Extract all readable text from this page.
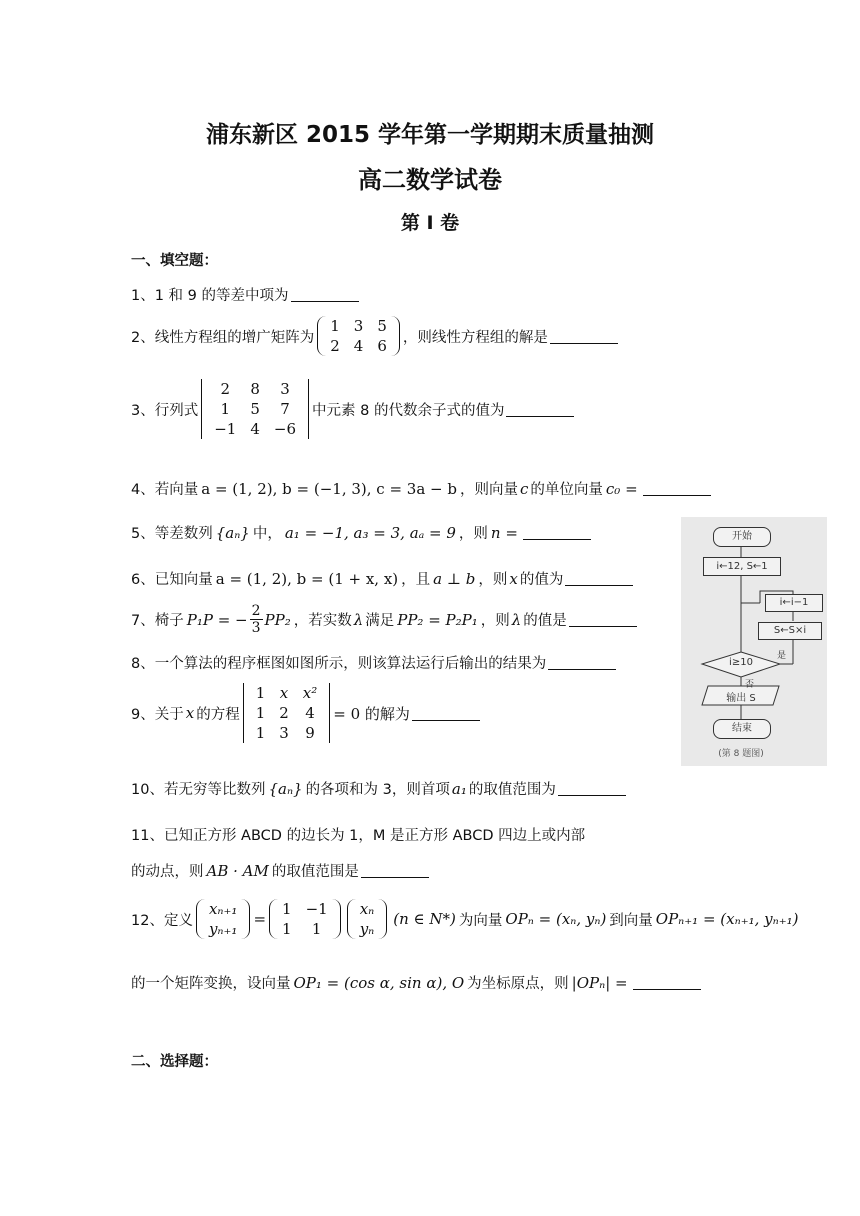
浦东新区 2015 学年第一学期期末质量抽测
高二数学试卷
第 Ⅰ 卷
一、填空题：
1、1 和 9 的等差中项为
2、线性方程组的增广矩阵为
1	3	5
2	4	6 ，则线性方程组的解是
3、行列式
2	8	3
1	5	7
−1	4	−6
中元素 8 的代数余子式的值为
4、若向量 a = (1, 2), b = (−1, 3), c = 3a − b ，则向量 c 的单位向量 c₀ =
5、等差数列 {aₙ} 中， a₁ = −1, a₃ = 3, aₐ = 9 ，则 n =
6、已知向量 a = (1, 2), b = (1 + x, x) ，且 a ⊥ b ，则 x 的值为
7、椅子 P₁P = − $\frac{2}{3} PP_2$ ，若实数 λ 满足 PP₂ = P₂P₁ ，则 λ 的值是
8、一个算法的程序框图如图所示，则该算法运行后输出的结果为
9、关于 x 的方程
1	x	x²
1	2	4
1	3	9
= 0 的解为
10、若无穷等比数列 {aₙ} 的各项和为 3，则首项 a₁ 的取值范围为
11、已知正方形 ABCD 的边长为 1，M 是正方形 ABCD 四边上或内部
的动点，则 AB · AM 的取值范围是
12、定义
xₙ₊₁
yₙ₊₁
=
1	−1
1	1
xₙ
yₙ
(n ∈ N*) 为向量 OPₙ = (xₙ, yₙ) 到向量 OPₙ₊₁ = (xₙ₊₁, yₙ₊₁)
的一个矩阵变换，设向量 OP₁ = (cos α, sin α), O 为坐标原点，则 |OPₙ| =
二、选择题：
开始
i←12, S←1
i←i−1
S←S×i
i≥10
是
否
输出 S
结束
(第 8 题图)
